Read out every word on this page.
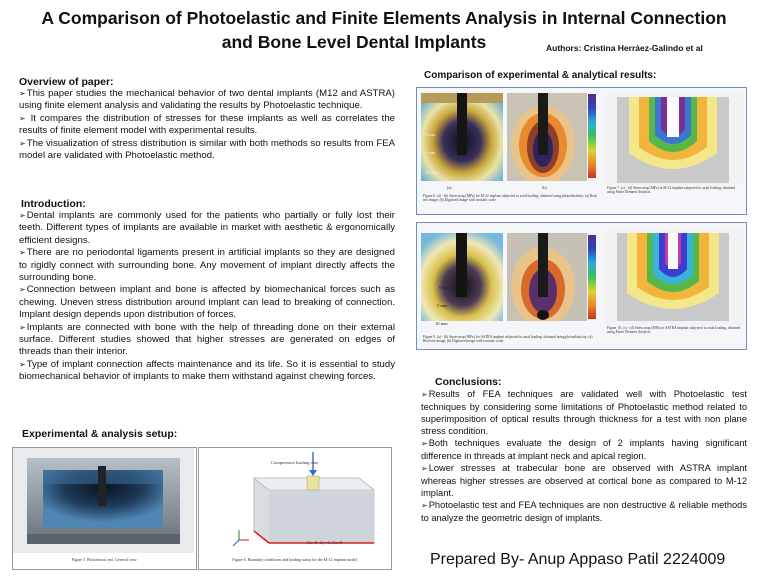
A Comparison of Photoelastic and Finite Elements Analysis in Internal Connection
and Bone Level Dental Implants	Authors: Cristina Herráez-Galindo et al
Overview of paper:

➢ This paper studies the mechanical behavior of two dental implants (M12 and ASTRA) using finite element analysis and validating the results by Photoelastic technique.

➢ It compares the distribution of stresses for these implants as well as correlates the results of finite element model with experimental results.

➢ The visualization of stress distribution is similar with both methods so results from FEA model are validated with Photoelastic method.

Introduction:

➢ Dental implants are commonly used for the patients who partially or fully lost their teeth. Different types of implants are available in market with aesthetic & ergonomically efficient designs.

➢ There are no periodontal ligaments present in artificial implants so they are designed to rigidly connect with surrounding bone. Any movement of implant directly affects the surrounding bone.

➢ Connection between implant and bone is affected by biomechanical forces such as chewing. Uneven stress distribution around implant can lead to breaking of connection. Implant design depends upon distribution of forces.

➢ Implants are connected with bone with the help of threading done on their external surface. Different studies showed that higher stresses are generated on edges of threads than their interior.

➢ Type of implant connection affects maintenance and its life. So it is essential to study biomechanical behavior of implants to make them withstand against chewing forces.

Experimental & analysis setup:
Figure 5. Photoelastic test. General view.
Compression loading case
Ux=0, Uy=0, Uz=0
Figure 6. Boundary conditions and loading status for the M-12 implant model.
Comparison of experimental & analytical results:
0 mm
5 mm
10 mm
(a)	(b)
Figure 8. (a) - (b) Stress map (MPa) for M-12 implant subjected to axial loading, obtained using photoelasticity: (a) Real test image; (b) Digitized image with isostatic scale.
Figure 7. (c) - (d) Stress map (MPa) in M-12 implant subjected to axial loading, obtained using Finite Element Analysis.
0 mm
5 mm
10 mm
Figure 9. (a) - (b) Stress map (MPa) for ASTRA implant subjected to axial loading, obtained using photoelasticity: (a) Real test image; (b) Digitized image with isostatic scale.
Figure 10. (c) - (d) Stress map (MPa) in ASTRA implant subjected to axial loading, obtained using Finite Element Analysis.
Conclusions:

➢ Results of FEA techniques are validated well with Photoelastic test techniques by considering some limitations of Photoelastic method related to superimposition of optical results through thickness for a test with non plane stress condition.

➢ Both techniques evaluate the design of 2 implants having significant difference in threads at implant neck and apical region.

➢ Lower stresses at trabecular bone are observed with ASTRA implant whereas higher stresses are observed at cortical bone as compared to M-12 implant.

➢ Photoelastic test and FEA techniques are non destructive & reliable methods to analyze the geometric design of implants.

Prepared By- Anup Appaso Patil 2224009
